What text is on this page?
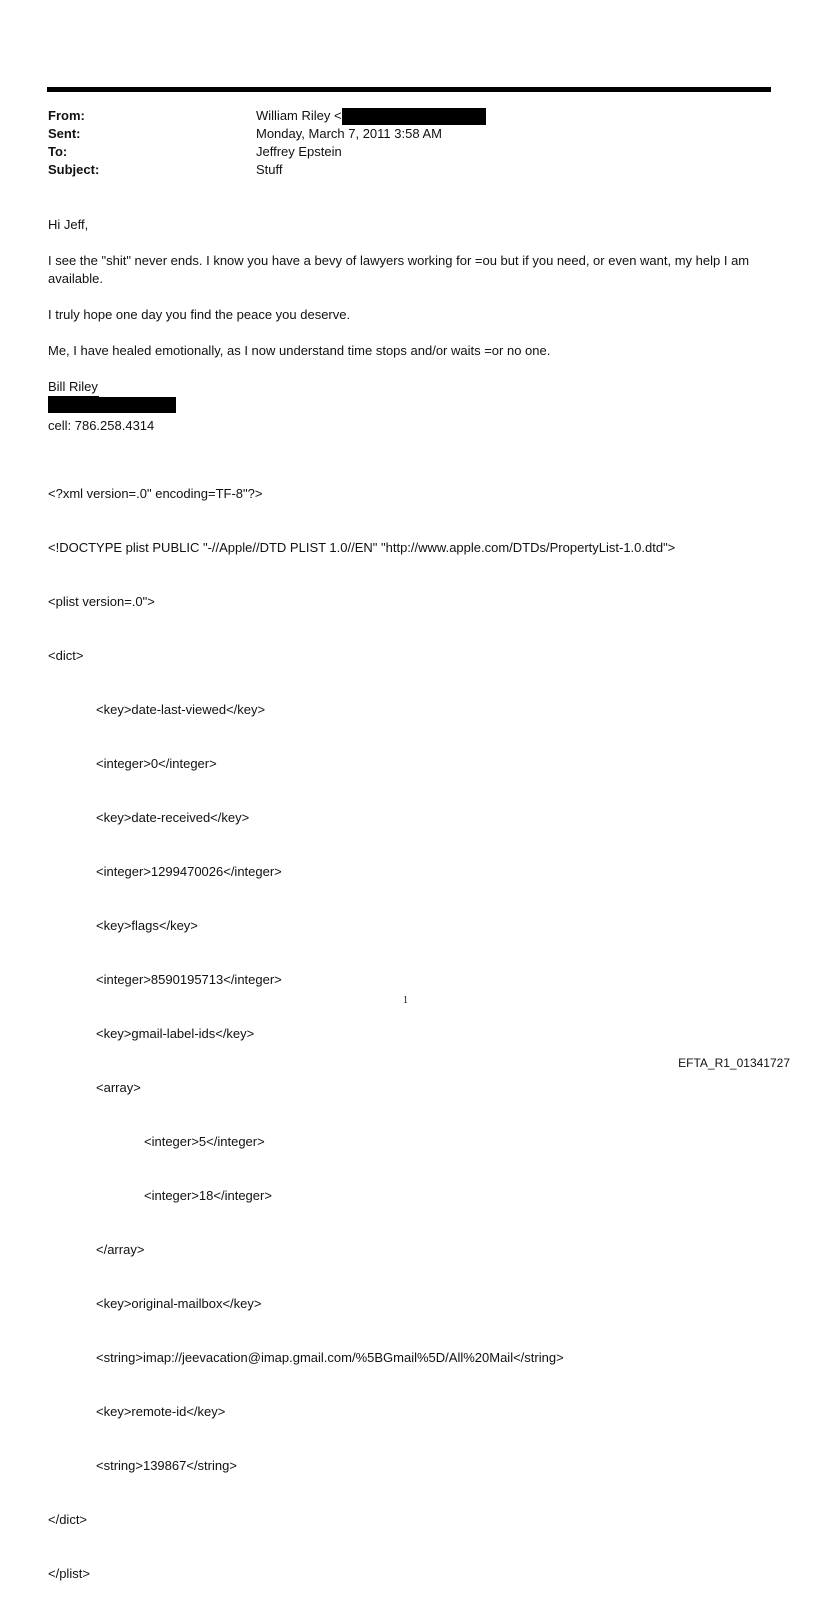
From:	William Riley <
Sent:	Monday, March 7, 2011 3:58 AM
To:	Jeffrey Epstein
Subject:	Stuff

Hi Jeff,

I see the "shit" never ends. I know you have a bevy of lawyers working for =ou but if you need, or even want, my help I am available.

I truly hope one day you find the peace you deserve.

Me, I have healed emotionally, as I now understand time stops and/or waits =or no one.

Bill Riley
cell: 786.258.4314

<?xml version=.0" encoding=TF-8"?>

<!DOCTYPE plist PUBLIC "-//Apple//DTD PLIST 1.0//EN" "http://www.apple.com/DTDs/PropertyList-1.0.dtd">

<plist version=.0">

<dict>

<key>date-last-viewed</key>

<integer>0</integer>

<key>date-received</key>

<integer>1299470026</integer>

<key>flags</key>

<integer>8590195713</integer>

<key>gmail-label-ids</key>

<array>

<integer>5</integer>

<integer>18</integer>

</array>

<key>original-mailbox</key>

<string>imap://jeevacation@imap.gmail.com/%5BGmail%5D/All%20Mail</string>

<key>remote-id</key>

<string>139867</string>

</dict>

</plist>

1
EFTA_R1_01341727
